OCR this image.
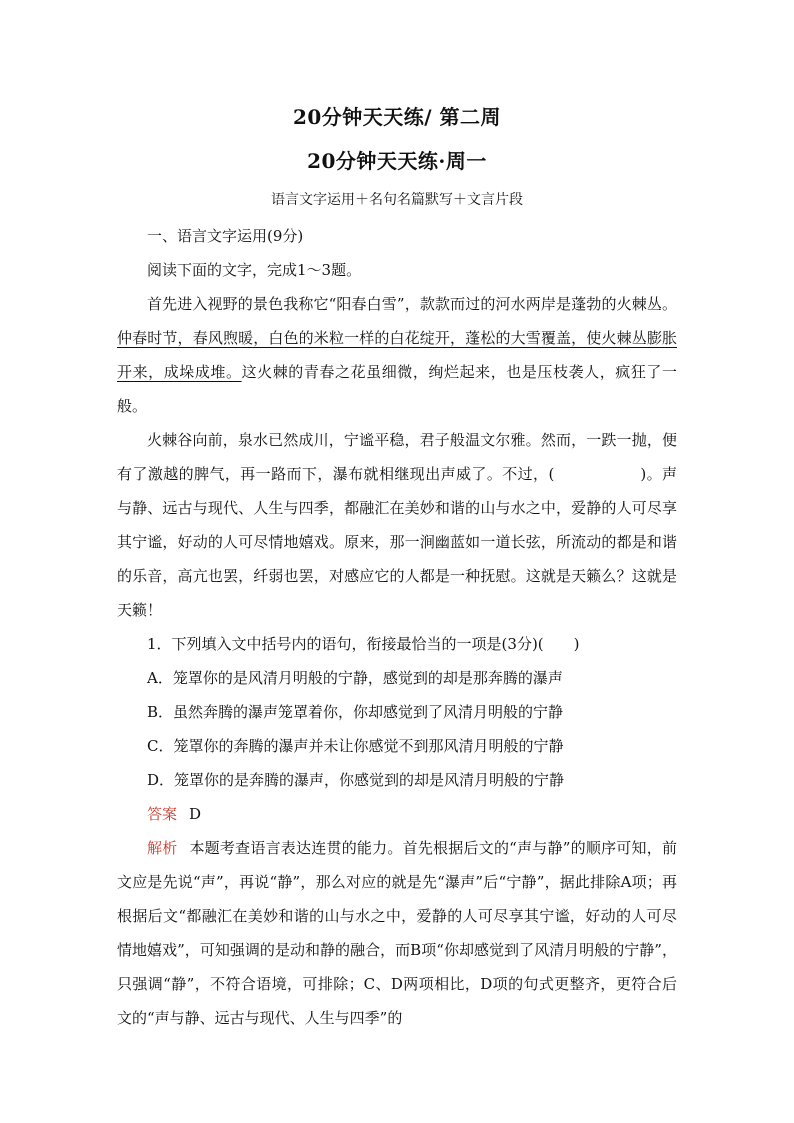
20分钟天天练/ 第二周
20分钟天天练·周一
语言文字运用＋名句名篇默写＋文言片段

一、语言文字运用(9分)

阅读下面的文字，完成1～3题。

首先进入视野的景色我称它“阳春白雪”，款款而过的河水两岸是蓬勃的火棘丛。仲春时节，春风煦暖，白色的米粒一样的白花绽开，蓬松的大雪覆盖，使火棘丛膨胀开来，成垛成堆。这火棘的青春之花虽细微，绚烂起来，也是压枝袭人，疯狂了一般。

火棘谷向前，泉水已然成川，宁谧平稳，君子般温文尔雅。然而，一跌一抛，便有了激越的脾气，再一路而下，瀑布就相继现出声威了。不过，(	)。声与静、远古与现代、人生与四季，都融汇在美妙和谐的山与水之中，爱静的人可尽享其宁谧，好动的人可尽情地嬉戏。原来，那一涧幽蓝如一道长弦，所流动的都是和谐的乐音，高亢也罢，纤弱也罢，对感应它的人都是一种抚慰。这就是天籁么？这就是天籁！

1．下列填入文中括号内的语句，衔接最恰当的一项是(3分)(　　)

A．笼罩你的是风清月明般的宁静，感觉到的却是那奔腾的瀑声

B．虽然奔腾的瀑声笼罩着你，你却感觉到了风清月明般的宁静

C．笼罩你的奔腾的瀑声并未让你感觉不到那风清月明般的宁静

D．笼罩你的是奔腾的瀑声，你感觉到的却是风清月明般的宁静

答案 D

解析 本题考查语言表达连贯的能力。首先根据后文的“声与静”的顺序可知，前文应是先说“声”，再说“静”，那么对应的就是先“瀑声”后“宁静”，据此排除A项；再根据后文“都融汇在美妙和谐的山与水之中，爱静的人可尽享其宁谧，好动的人可尽情地嬉戏”，可知强调的是动和静的融合，而B项“你却感觉到了风清月明般的宁静”，只强调“静”，不符合语境，可排除；C、D两项相比，D项的句式更整齐，更符合后文的“声与静、远古与现代、人生与四季”的
